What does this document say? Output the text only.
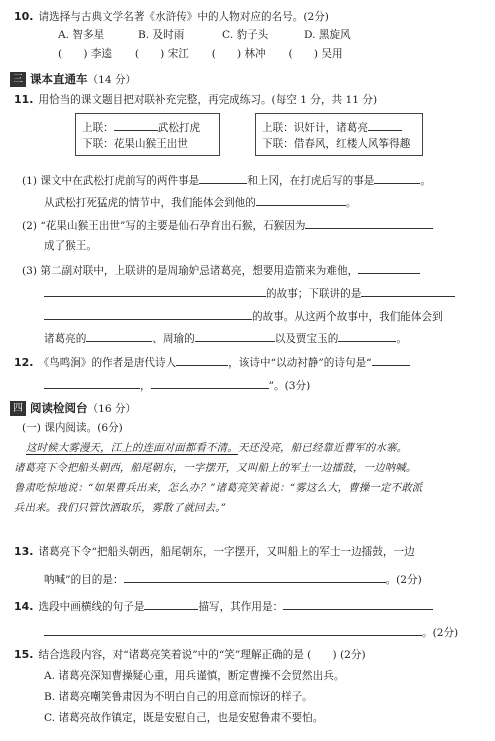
10. 请选择与古典文学名著《水浒传》中的人物对应的名号。(2分)
A. 智多星	B. 及时雨	C. 豹子头	D. 黑旋风
(　　) 李逵 (　　) 宋江 (　　) 林冲 (　　) 吴用
三 课本直通车 （14 分）
11. 用恰当的课文题目把对联补充完整，再完成练习。(每空 1 分，共 11 分)
上联：	武松打虎
下联：花果山猴王出世
上联：识奸计，诸葛亮
下联：借春风，红楼人风筝得趣
(1) 课文中在武松打虎前写的两件事是	和上冈，在打虎后写的事是	。
从武松打死猛虎的情节中，我们能体会到他的	。
(2) “花果山猴王出世”写的主要是仙石孕育出石猴，石猴因为
成了猴王。
(3) 第二副对联中，上联讲的是周瑜妒忌诸葛亮，想要用造箭来为难他，
的故事；下联讲的是
的故事。从这两个故事中，我们能体会到
诸葛亮的	、周瑜的	以及贾宝玉的	。
12. 《鸟鸣涧》的作者是唐代诗人	，该诗中“以动衬静”的诗句是“
，	”。(3分)
四 阅读检阅台 （16 分）
(一) 课内阅读。(6分)
这时候大雾漫天，江上的连面对面都看不清。天还没亮，船已经靠近曹军的水寨。
诸葛亮下令把船头朝西，船尾朝东，一字摆开，又叫船上的军士一边擂鼓，一边呐喊。
鲁肃吃惊地说：“如果曹兵出来，怎么办？”诸葛亮笑着说：“雾这么大，曹操一定不敢派
兵出来。我们只管饮酒取乐，雾散了就回去。”
13. 诸葛亮下令“把船头朝西，船尾朝东，一字摆开，又叫船上的军士一边擂鼓，一边
呐喊”的目的是：	。(2分)
14. 选段中画横线的句子是	描写，其作用是：
。(2分)
15. 结合选段内容，对“诸葛亮笑着说”中的“笑”理解正确的是 (　　) (2分)
A. 诸葛亮深知曹操疑心重，用兵谨慎，断定曹操不会贸然出兵。
B. 诸葛亮嘲笑鲁肃因为不明白自己的用意而惊讶的样子。
C. 诸葛亮故作镇定，既是安慰自己，也是安慰鲁肃不要怕。
